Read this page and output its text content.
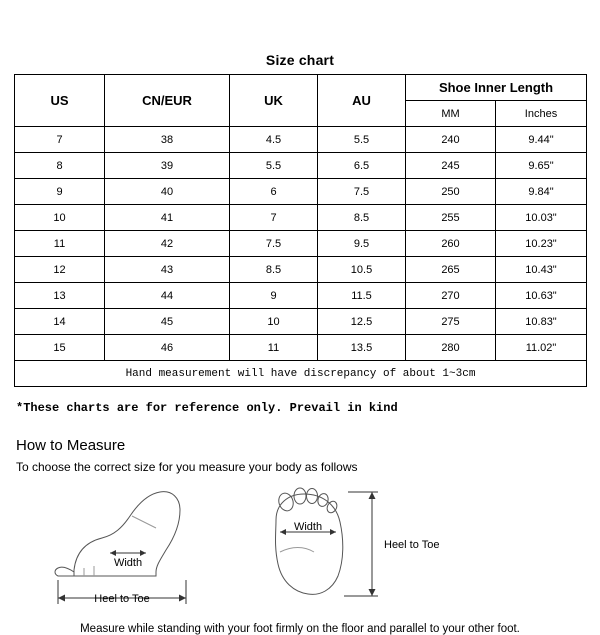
Size chart
US	CN/EUR	UK	AU	Shoe Inner Length	
				MM	Inches
7	38	4.5	5.5	240	9.44"
8	39	5.5	6.5	245	9.65"
9	40	6	7.5	250	9.84"
10	41	7	8.5	255	10.03"
11	42	7.5	9.5	260	10.23"
12	43	8.5	10.5	265	10.43"
13	44	9	11.5	270	10.63"
14	45	10	12.5	275	10.83"
15	46	11	13.5	280	11.02"
Hand measurement will have discrepancy of about 1~3cm					
*These charts are for reference only. Prevail in kind
How to Measure
To choose the correct size for you measure your body as follows
Width
Heel to Toe
Width
Heel to Toe
Measure while standing with your foot firmly on the floor and parallel to your other foot.
